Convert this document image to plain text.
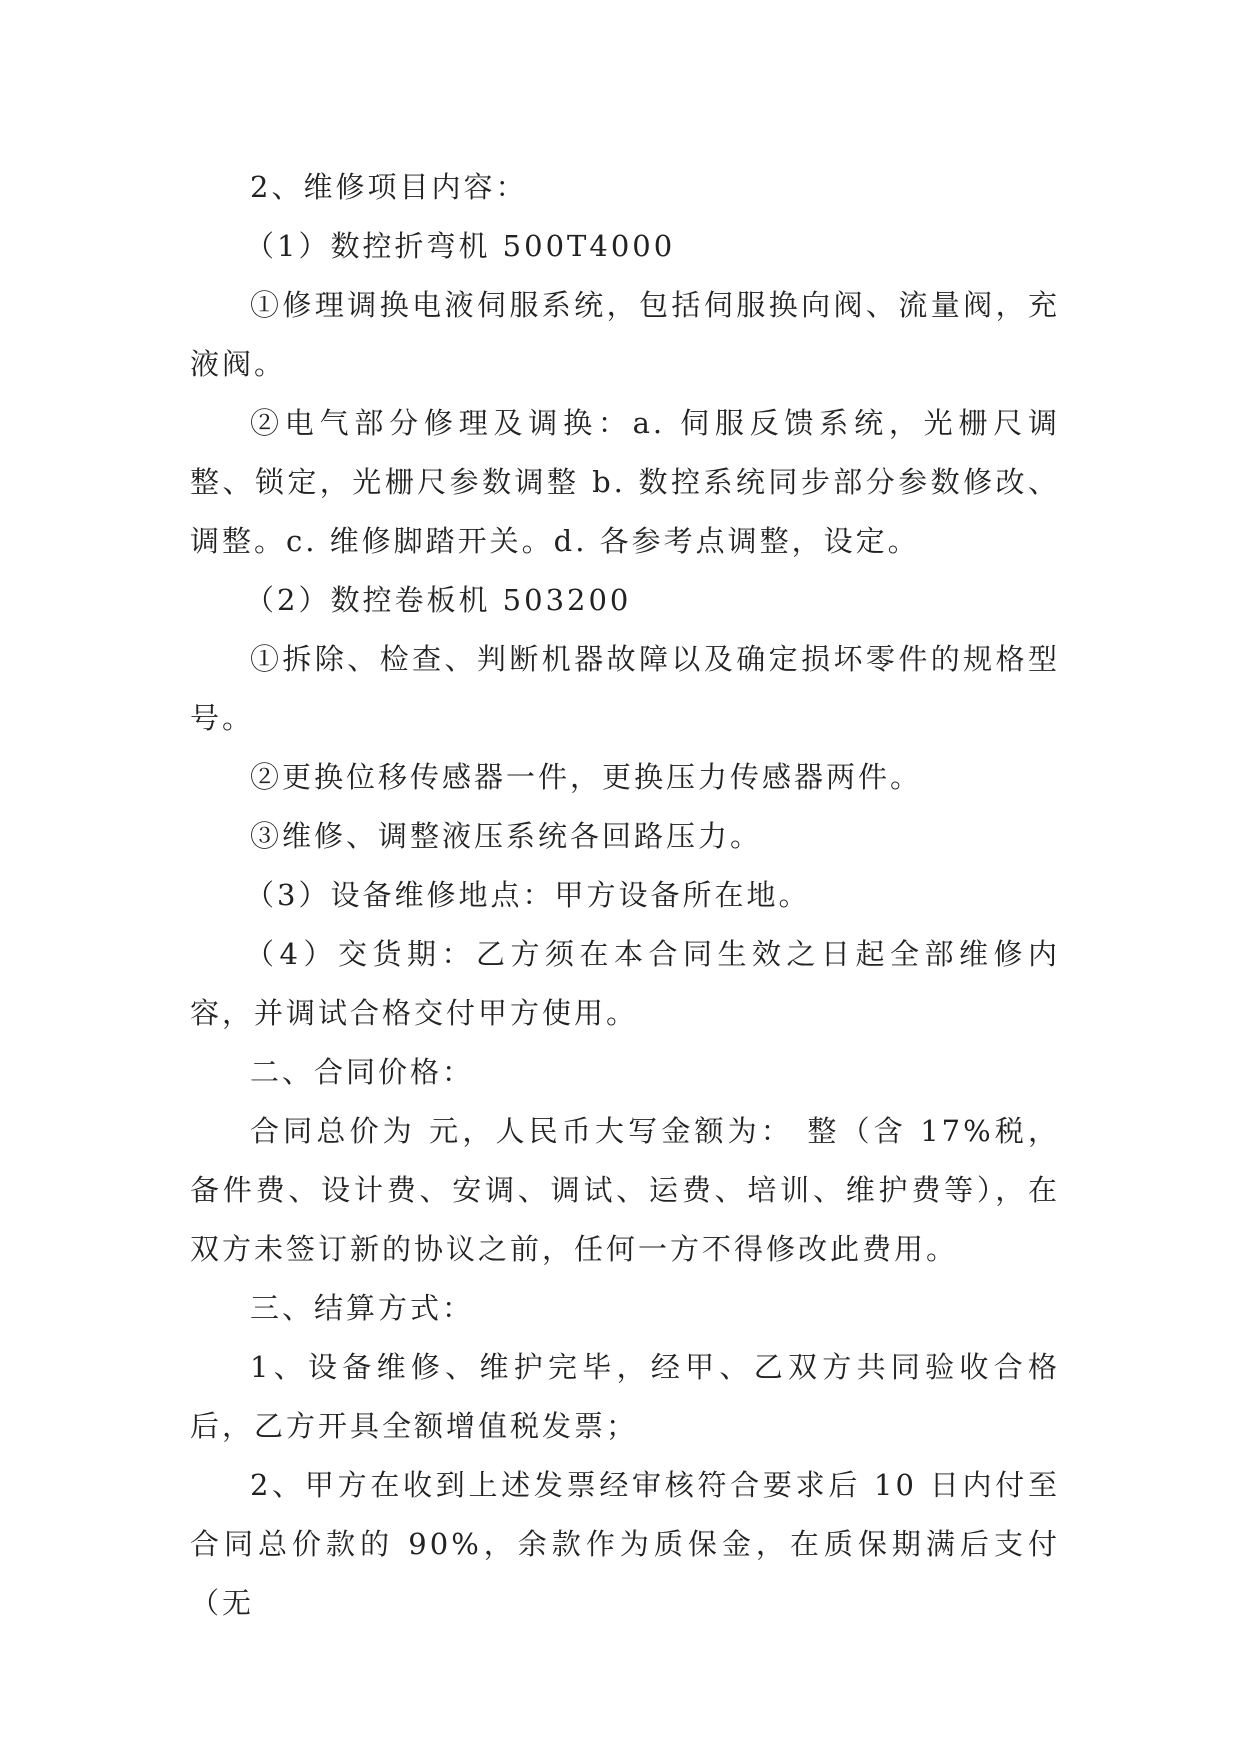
2、维修项目内容：

（1）数控折弯机 500T4000

①修理调换电液伺服系统，包括伺服换向阀、流量阀，充液阀。

②电气部分修理及调换：a. 伺服反馈系统，光栅尺调整、锁定，光栅尺参数调整 b. 数控系统同步部分参数修改、调整。c. 维修脚踏开关。d. 各参考点调整，设定。

（2）数控卷板机 503200

①拆除、检查、判断机器故障以及确定损坏零件的规格型号。

②更换位移传感器一件，更换压力传感器两件。

③维修、调整液压系统各回路压力。

（3）设备维修地点：甲方设备所在地。

（4）交货期：乙方须在本合同生效之日起全部维修内容，并调试合格交付甲方使用。

二、合同价格：

合同总价为 元，人民币大写金额为： 整（含 17%税，备件费、设计费、安调、调试、运费、培训、维护费等），在双方未签订新的协议之前，任何一方不得修改此费用。

三、结算方式：

1、设备维修、维护完毕，经甲、乙双方共同验收合格后，乙方开具全额增值税发票；

2、甲方在收到上述发票经审核符合要求后 10 日内付至合同总价款的 90%，余款作为质保金，在质保期满后支付（无
